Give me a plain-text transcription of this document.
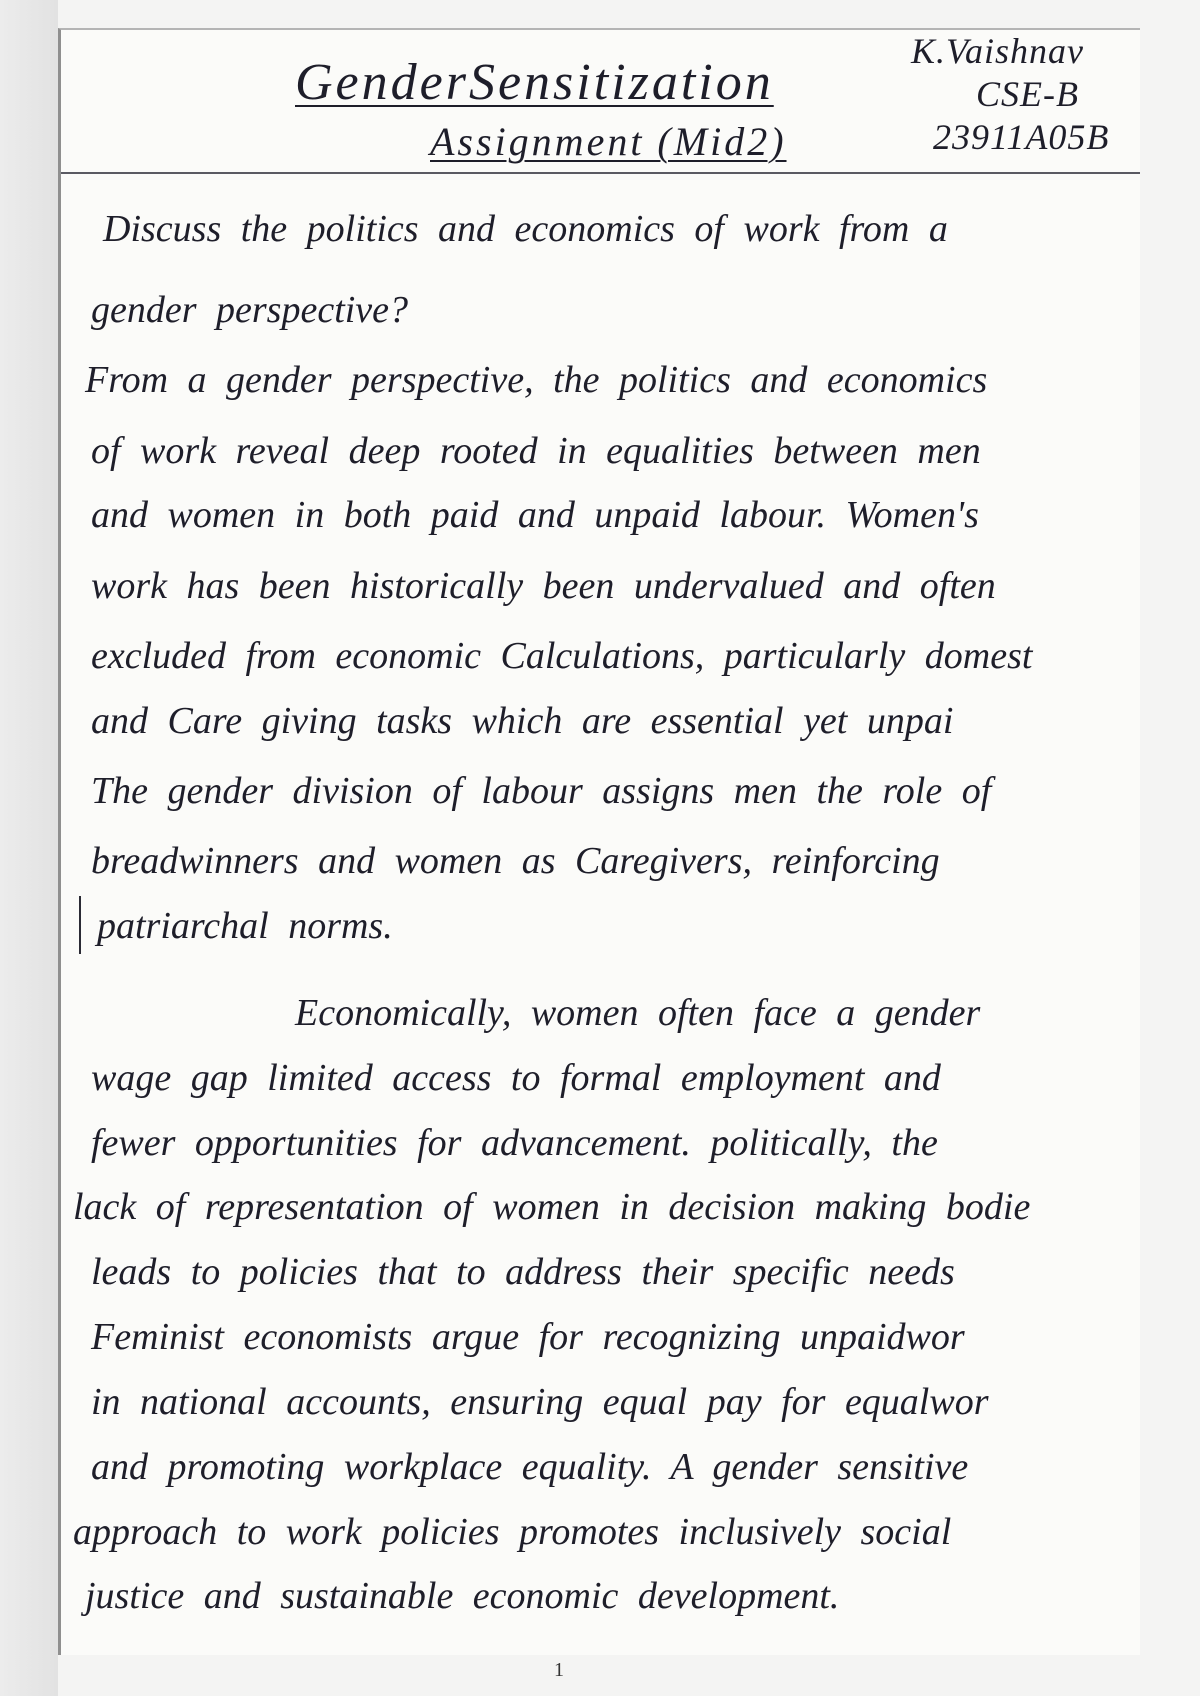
GenderSensitization
Assignment (Mid2)
K.Vaishnav
CSE-B
23911A05B
Discuss the politics and economics of work from a
gender perspective?
From a gender perspective, the politics and economics
of work reveal deep rooted in equalities between men
and women in both paid and unpaid labour. Women's
work has been historically been undervalued and often
excluded from economic Calculations, particularly domest
and Care giving tasks which are essential yet unpai
The gender division of labour assigns men the role of
breadwinners and women as Caregivers, reinforcing
patriarchal norms.
Economically, women often face a gender
wage gap limited access to formal employment and
fewer opportunities for advancement. politically, the
lack of representation of women in decision making bodie
leads to policies that to address their specific needs
Feminist economists argue for recognizing unpaidwor
in national accounts, ensuring equal pay for equalwor
and promoting workplace equality. A gender sensitive
approach to work policies promotes inclusively social
justice and sustainable economic development.
1
